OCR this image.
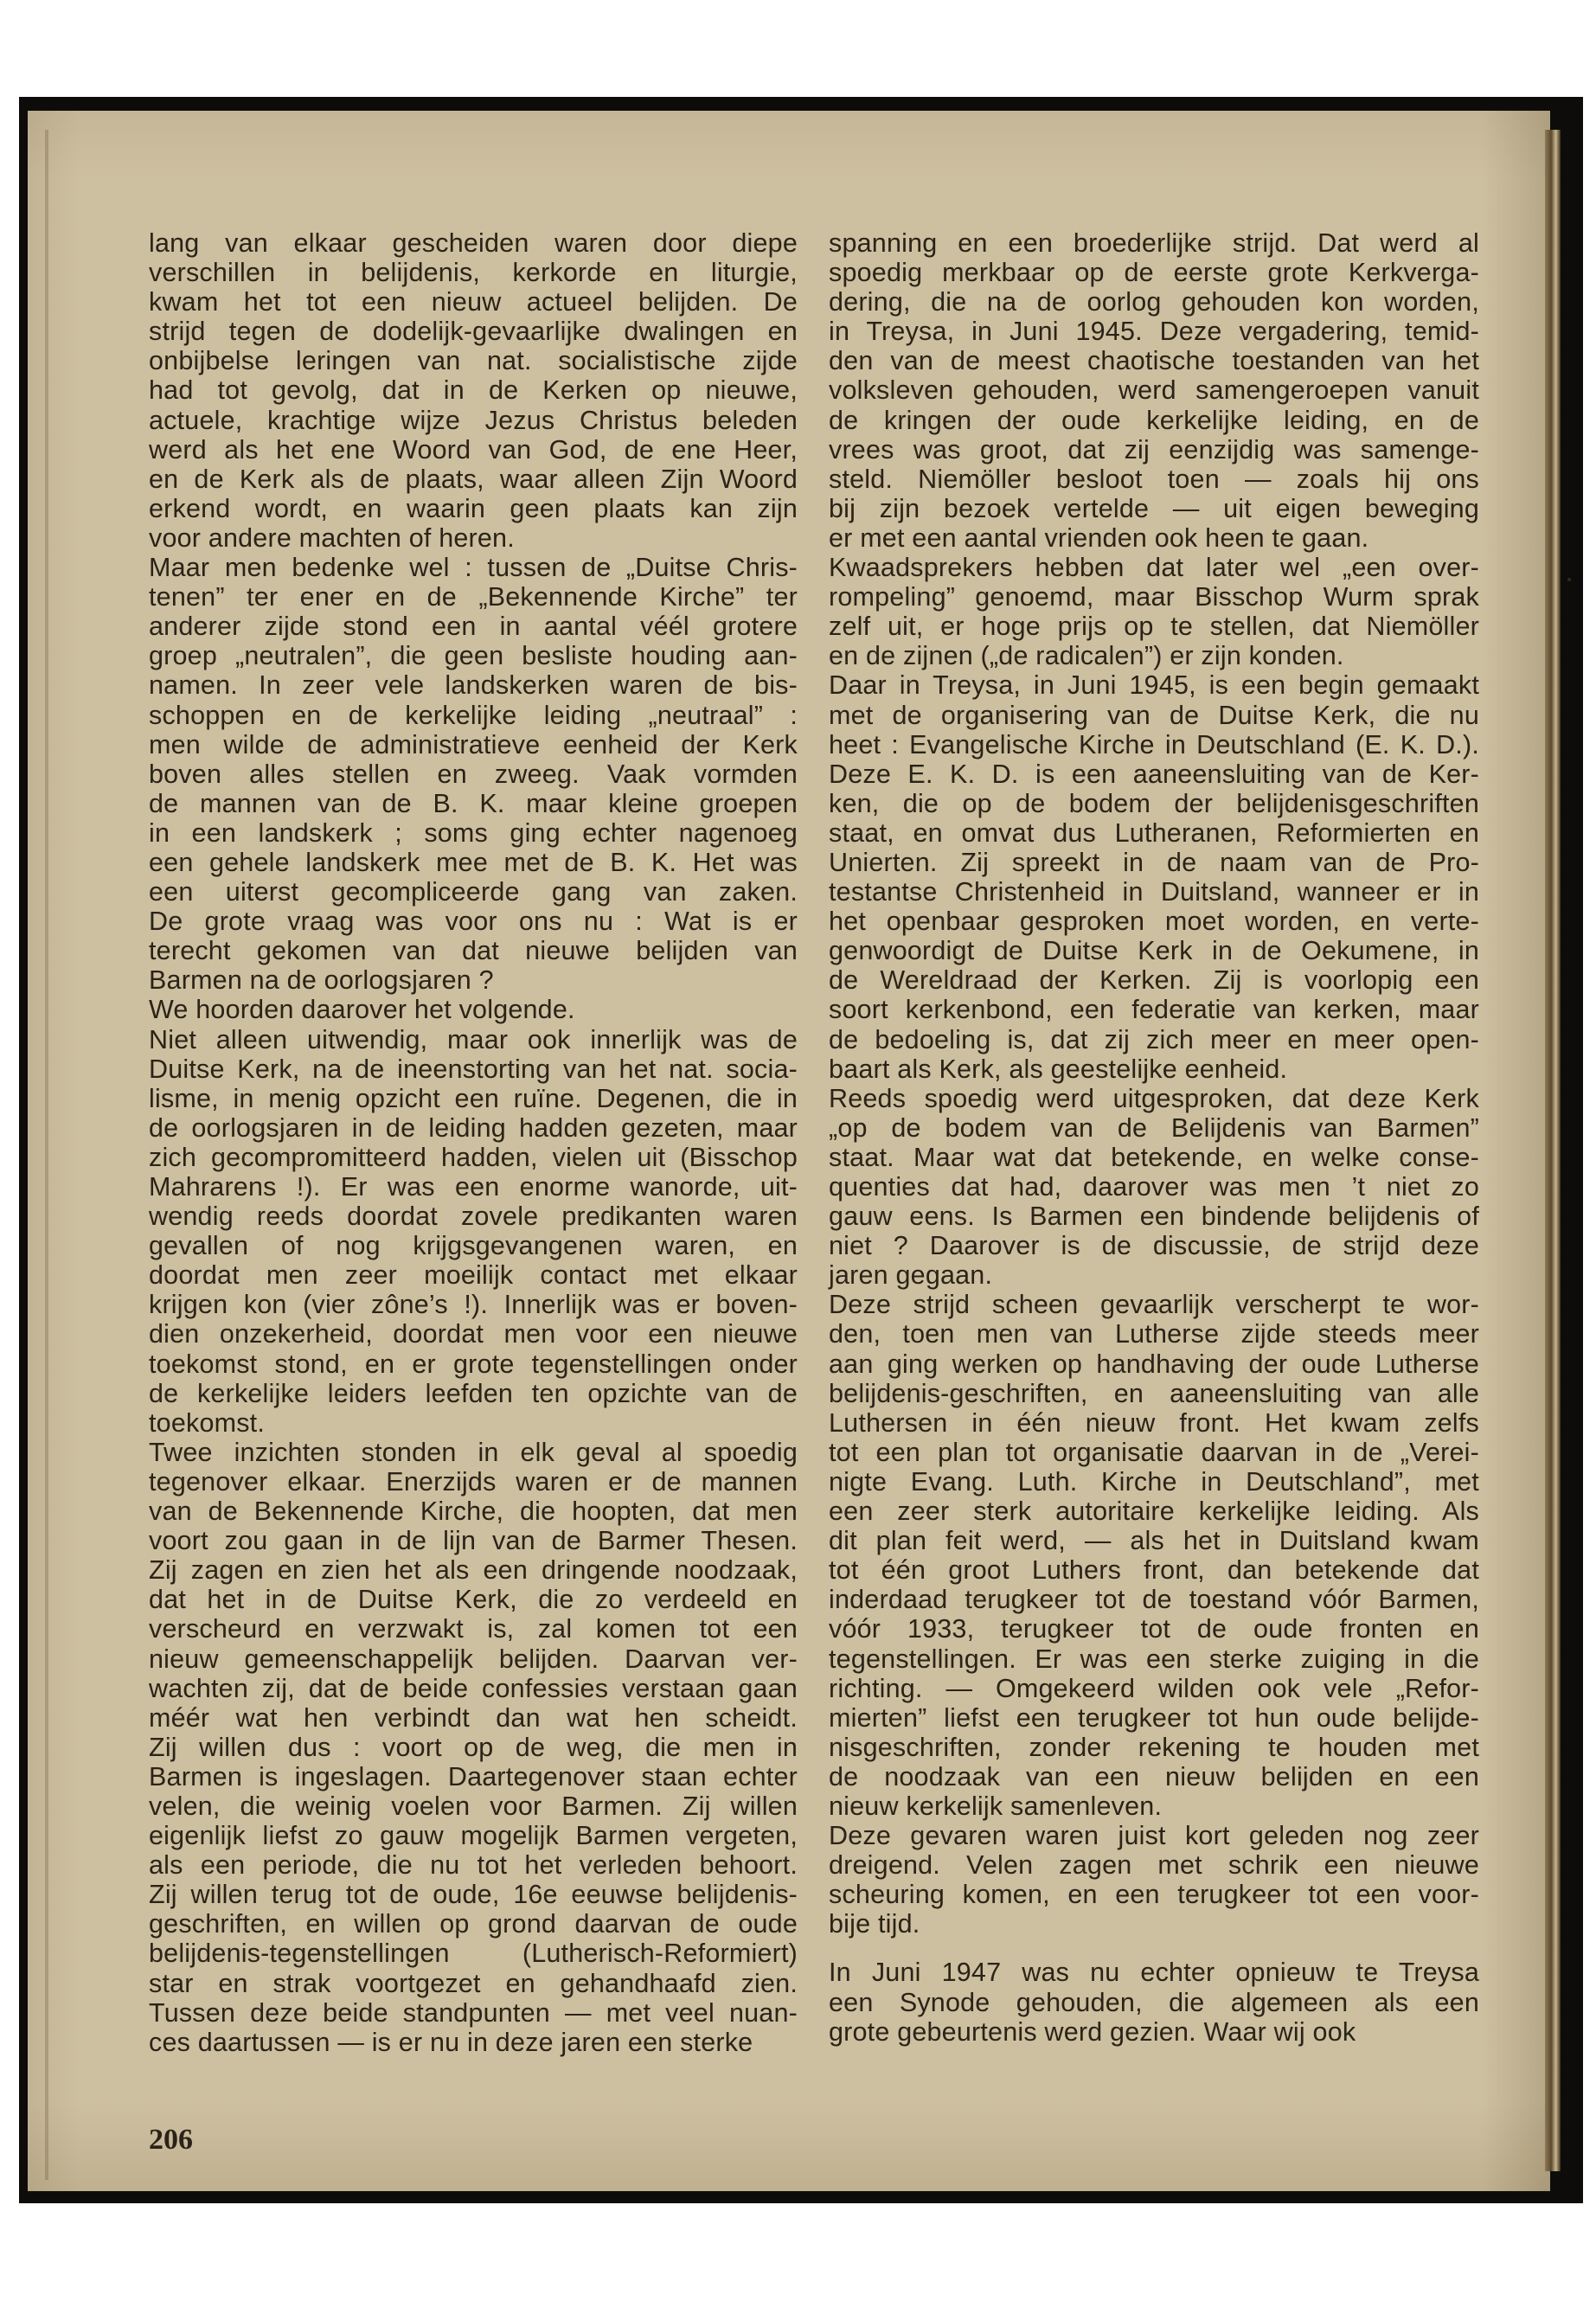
lang van elkaar gescheiden waren door diepe
verschillen in belijdenis, kerkorde en liturgie,
kwam het tot een nieuw actueel belijden. De
strijd tegen de dodelijk-gevaarlijke dwalingen en
onbijbelse leringen van nat. socialistische zijde
had tot gevolg, dat in de Kerken op nieuwe,
actuele, krachtige wijze Jezus Christus beleden
werd als het ene Woord van God, de ene Heer,
en de Kerk als de plaats, waar alleen Zijn Woord
erkend wordt, en waarin geen plaats kan zijn
voor andere machten of heren.
Maar men bedenke wel : tussen de „Duitse Chris-
tenen” ter ener en de „Bekennende Kirche” ter
anderer zijde stond een in aantal véél grotere
groep „neutralen”, die geen besliste houding aan-
namen. In zeer vele landskerken waren de bis-
schoppen en de kerkelijke leiding „neutraal” :
men wilde de administratieve eenheid der Kerk
boven alles stellen en zweeg. Vaak vormden
de mannen van de B. K. maar kleine groepen
in een landskerk ; soms ging echter nagenoeg
een gehele landskerk mee met de B. K. Het was
een uiterst gecompliceerde gang van zaken.
De grote vraag was voor ons nu : Wat is er
terecht gekomen van dat nieuwe belijden van
Barmen na de oorlogsjaren ?
We hoorden daarover het volgende.
Niet alleen uitwendig, maar ook innerlijk was de
Duitse Kerk, na de ineenstorting van het nat. socia-
lisme, in menig opzicht een ruïne. Degenen, die in
de oorlogsjaren in de leiding hadden gezeten, maar
zich gecompromitteerd hadden, vielen uit (Bisschop
Mahrarens !). Er was een enorme wanorde, uit-
wendig reeds doordat zovele predikanten waren
gevallen of nog krijgsgevangenen waren, en
doordat men zeer moeilijk contact met elkaar
krijgen kon (vier zône’s !). Innerlijk was er boven-
dien onzekerheid, doordat men voor een nieuwe
toekomst stond, en er grote tegenstellingen onder
de kerkelijke leiders leefden ten opzichte van de
toekomst.
Twee inzichten stonden in elk geval al spoedig
tegenover elkaar. Enerzijds waren er de mannen
van de Bekennende Kirche, die hoopten, dat men
voort zou gaan in de lijn van de Barmer Thesen.
Zij zagen en zien het als een dringende noodzaak,
dat het in de Duitse Kerk, die zo verdeeld en
verscheurd en verzwakt is, zal komen tot een
nieuw gemeenschappelijk belijden. Daarvan ver-
wachten zij, dat de beide confessies verstaan gaan
méér wat hen verbindt dan wat hen scheidt.
Zij willen dus : voort op de weg, die men in
Barmen is ingeslagen. Daartegenover staan echter
velen, die weinig voelen voor Barmen. Zij willen
eigenlijk liefst zo gauw mogelijk Barmen vergeten,
als een periode, die nu tot het verleden behoort.
Zij willen terug tot de oude, 16e eeuwse belijdenis-
geschriften, en willen op grond daarvan de oude
belijdenis-tegenstellingen (Lutherisch-Reformiert)
star en strak voortgezet en gehandhaafd zien.
Tussen deze beide standpunten — met veel nuan-
ces daartussen — is er nu in deze jaren een sterke
spanning en een broederlijke strijd. Dat werd al
spoedig merkbaar op de eerste grote Kerkverga-
dering, die na de oorlog gehouden kon worden,
in Treysa, in Juni 1945. Deze vergadering, temid-
den van de meest chaotische toestanden van het
volksleven gehouden, werd samengeroepen vanuit
de kringen der oude kerkelijke leiding, en de
vrees was groot, dat zij eenzijdig was samenge-
steld. Niemöller besloot toen — zoals hij ons
bij zijn bezoek vertelde — uit eigen beweging
er met een aantal vrienden ook heen te gaan.
Kwaadsprekers hebben dat later wel „een over-
rompeling” genoemd, maar Bisschop Wurm sprak
zelf uit, er hoge prijs op te stellen, dat Niemöller
en de zijnen („de radicalen”) er zijn konden.
Daar in Treysa, in Juni 1945, is een begin gemaakt
met de organisering van de Duitse Kerk, die nu
heet : Evangelische Kirche in Deutschland (E. K. D.).
Deze E. K. D. is een aaneensluiting van de Ker-
ken, die op de bodem der belijdenisgeschriften
staat, en omvat dus Lutheranen, Reformierten en
Unierten. Zij spreekt in de naam van de Pro-
testantse Christenheid in Duitsland, wanneer er in
het openbaar gesproken moet worden, en verte-
genwoordigt de Duitse Kerk in de Oekumene, in
de Wereldraad der Kerken. Zij is voorlopig een
soort kerkenbond, een federatie van kerken, maar
de bedoeling is, dat zij zich meer en meer open-
baart als Kerk, als geestelijke eenheid.
Reeds spoedig werd uitgesproken, dat deze Kerk
„op de bodem van de Belijdenis van Barmen”
staat. Maar wat dat betekende, en welke conse-
quenties dat had, daarover was men ’t niet zo
gauw eens. Is Barmen een bindende belijdenis of
niet ? Daarover is de discussie, de strijd deze
jaren gegaan.
Deze strijd scheen gevaarlijk verscherpt te wor-
den, toen men van Lutherse zijde steeds meer
aan ging werken op handhaving der oude Lutherse
belijdenis-geschriften, en aaneensluiting van alle
Luthersen in één nieuw front. Het kwam zelfs
tot een plan tot organisatie daarvan in de „Verei-
nigte Evang. Luth. Kirche in Deutschland”, met
een zeer sterk autoritaire kerkelijke leiding. Als
dit plan feit werd, — als het in Duitsland kwam
tot één groot Luthers front, dan betekende dat
inderdaad terugkeer tot de toestand vóór Barmen,
vóór 1933, terugkeer tot de oude fronten en
tegenstellingen. Er was een sterke zuiging in die
richting. — Omgekeerd wilden ook vele „Refor-
mierten” liefst een terugkeer tot hun oude belijde-
nisgeschriften, zonder rekening te houden met
de noodzaak van een nieuw belijden en een
nieuw kerkelijk samenleven.
Deze gevaren waren juist kort geleden nog zeer
dreigend. Velen zagen met schrik een nieuwe
scheuring komen, en een terugkeer tot een voor-
bije tijd.
In Juni 1947 was nu echter opnieuw te Treysa
een Synode gehouden, die algemeen als een
grote gebeurtenis werd gezien. Waar wij ook
206
